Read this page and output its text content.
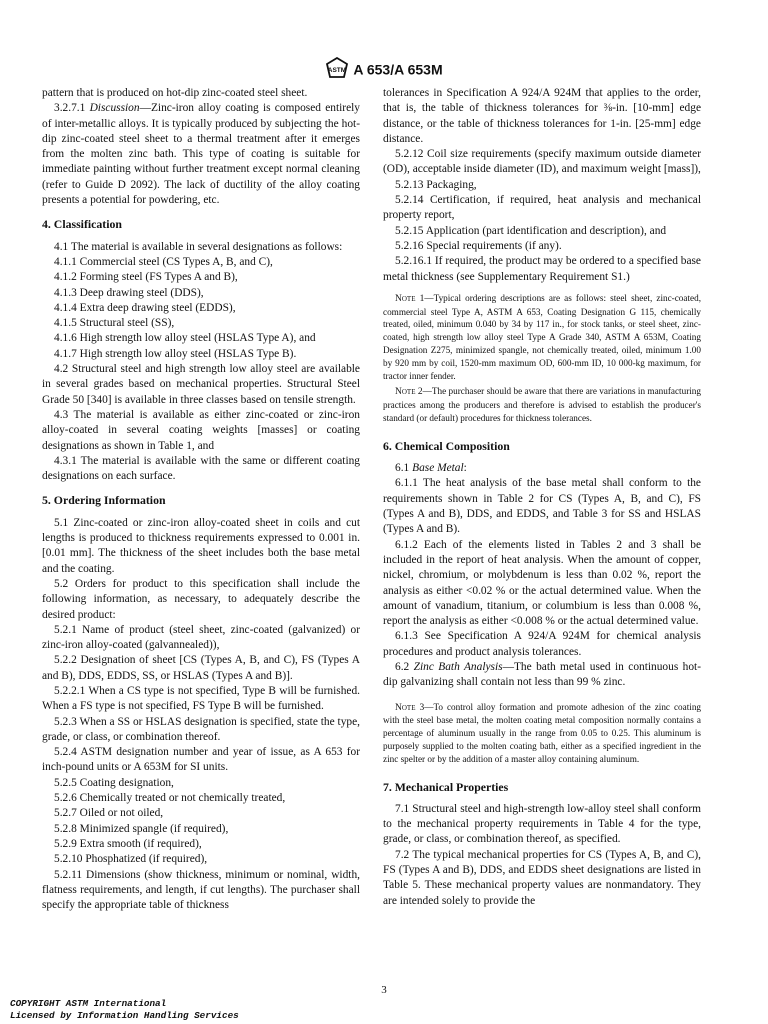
ASTM A 653/A 653M

pattern that is produced on hot-dip zinc-coated steel sheet.

3.2.7.1 Discussion—Zinc-iron alloy coating is composed entirely of inter-metallic alloys. It is typically produced by subjecting the hot-dip zinc-coated steel sheet to a thermal treatment after it emerges from the molten zinc bath. This type of coating is suitable for immediate painting without further treatment except normal cleaning (refer to Guide D 2092). The lack of ductility of the alloy coating presents a potential for powdering, etc.

4. Classification

4.1 The material is available in several designations as follows:

4.1.1 Commercial steel (CS Types A, B, and C),

4.1.2 Forming steel (FS Types A and B),

4.1.3 Deep drawing steel (DDS),

4.1.4 Extra deep drawing steel (EDDS),

4.1.5 Structural steel (SS),

4.1.6 High strength low alloy steel (HSLAS Type A), and

4.1.7 High strength low alloy steel (HSLAS Type B).

4.2 Structural steel and high strength low alloy steel are available in several grades based on mechanical properties. Structural Steel Grade 50 [340] is available in three classes based on tensile strength.

4.3 The material is available as either zinc-coated or zinc-iron alloy-coated in several coating weights [masses] or coating designations as shown in Table 1, and

4.3.1 The material is available with the same or different coating designations on each surface.

5. Ordering Information

5.1 Zinc-coated or zinc-iron alloy-coated sheet in coils and cut lengths is produced to thickness requirements expressed to 0.001 in. [0.01 mm]. The thickness of the sheet includes both the base metal and the coating.

5.2 Orders for product to this specification shall include the following information, as necessary, to adequately describe the desired product:

5.2.1 Name of product (steel sheet, zinc-coated (galvanized) or zinc-iron alloy-coated (galvannealed)),

5.2.2 Designation of sheet [CS (Types A, B, and C), FS (Types A and B), DDS, EDDS, SS, or HSLAS (Types A and B)].

5.2.2.1 When a CS type is not specified, Type B will be furnished. When a FS type is not specified, FS Type B will be furnished.

5.2.3 When a SS or HSLAS designation is specified, state the type, grade, or class, or combination thereof.

5.2.4 ASTM designation number and year of issue, as A 653 for inch-pound units or A 653M for SI units.

5.2.5 Coating designation,

5.2.6 Chemically treated or not chemically treated,

5.2.7 Oiled or not oiled,

5.2.8 Minimized spangle (if required),

5.2.9 Extra smooth (if required),

5.2.10 Phosphatized (if required),

5.2.11 Dimensions (show thickness, minimum or nominal, width, flatness requirements, and length, if cut lengths). The purchaser shall specify the appropriate table of thickness

tolerances in Specification A 924/A 924M that applies to the order, that is, the table of thickness tolerances for ⅜-in. [10-mm] edge distance, or the table of thickness tolerances for 1-in. [25-mm] edge distance.

5.2.12 Coil size requirements (specify maximum outside diameter (OD), acceptable inside diameter (ID), and maximum weight [mass]),

5.2.13 Packaging,

5.2.14 Certification, if required, heat analysis and mechanical property report,

5.2.15 Application (part identification and description), and

5.2.16 Special requirements (if any).

5.2.16.1 If required, the product may be ordered to a specified base metal thickness (see Supplementary Requirement S1.)

Note 1—Typical ordering descriptions are as follows: steel sheet, zinc-coated, commercial steel Type A, ASTM A 653, Coating Designation G 115, chemically treated, oiled, minimum 0.040 by 34 by 117 in., for stock tanks, or steel sheet, zinc-coated, high strength low alloy steel Type A Grade 340, ASTM A 653M, Coating Designation Z275, minimized spangle, not chemically treated, oiled, minimum 1.00 by 920 mm by coil, 1520-mm maximum OD, 600-mm ID, 10 000-kg maximum, for tractor inner fender.
Note 2—The purchaser should be aware that there are variations in manufacturing practices among the producers and therefore is advised to establish the producer's standard (or default) procedures for thickness tolerances.
6. Chemical Composition

6.1 Base Metal:

6.1.1 The heat analysis of the base metal shall conform to the requirements shown in Table 2 for CS (Types A, B, and C), FS (Types A and B), DDS, and EDDS, and Table 3 for SS and HSLAS (Types A and B).

6.1.2 Each of the elements listed in Tables 2 and 3 shall be included in the report of heat analysis. When the amount of copper, nickel, chromium, or molybdenum is less than 0.02 %, report the analysis as either <0.02 % or the actual determined value. When the amount of vanadium, titanium, or columbium is less than 0.008 %, report the analysis as either <0.008 % or the actual determined value.

6.1.3 See Specification A 924/A 924M for chemical analysis procedures and product analysis tolerances.

6.2 Zinc Bath Analysis—The bath metal used in continuous hot-dip galvanizing shall contain not less than 99 % zinc.

Note 3—To control alloy formation and promote adhesion of the zinc coating with the steel base metal, the molten coating metal composition normally contains a percentage of aluminum usually in the range from 0.05 to 0.25. This aluminum is purposely supplied to the molten coating bath, either as a specified ingredient in the zinc spelter or by the addition of a master alloy containing aluminum.
7. Mechanical Properties

7.1 Structural steel and high-strength low-alloy steel shall conform to the mechanical property requirements in Table 4 for the type, grade, or class, or combination thereof, as specified.

7.2 The typical mechanical properties for CS (Types A, B, and C), FS (Types A and B), DDS, and EDDS sheet designations are listed in Table 5. These mechanical property values are nonmandatory. They are intended solely to provide the

3
COPYRIGHT ASTM International
Licensed by Information Handling Services
